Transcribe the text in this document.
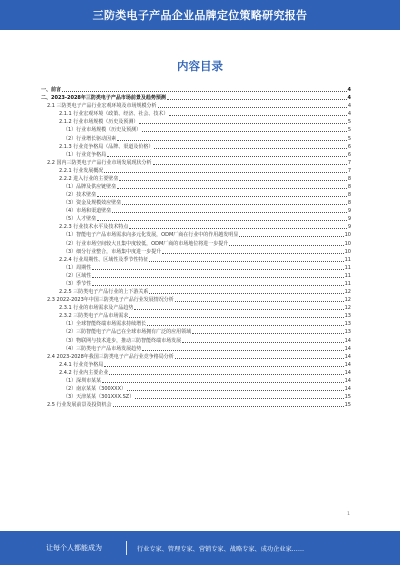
三防类电子产品企业品牌定位策略研究报告
内容目录
一、前言	4
二、2023-2028年三防类电子产品市场前景及趋势预测	4
2.1 三防类电子产品行业宏观环境及市场规模分析	4
2.1.1 行业宏观环境（政策、经济、社会、技术）	4
2.1.2 行业市场规模（历史及预测）	5
（1）行业市场规模（历史及预测）	5
（2）行业增长驱动因素	5
2.1.3 行业竞争格局（品牌、渠道及价格）	6
（1）行业竞争格局	6
2.2 国内三防类电子产品行业市场发展现状分析	7
2.2.1 行业发展概况	7
2.2.2 进入行业的主要壁垒	8
（1）品牌及供应链壁垒	8
（2）技术壁垒	8
（3）资金及规模效应壁垒	8
（4）市场和渠道壁垒	9
（5）人才壁垒	9
2.2.3 行业技术水平及技术特点	9
（1）智能电子产品市场需求向多元化发展，ODM厂商在行业中的作用越发明显	10
（2）行业市场空间较大且集中度较低，ODM厂商的市场地位将进一步提升	10
（3）细分行业整合，市场集中度进一步提升	10
2.2.4 行业周期性、区域性及季节性特征	11
（1）周期性	11
（2）区域性	11
（3）季节性	11
2.2.5 三防类电子产品行业的上下游关系	12
2.3 2022-2023年中国三防类电子产品行业发展情况分析	12
2.3.1 行业的市场需求及产品趋势	12
2.3.2 三防类电子产品市场需求	13
（1）全球智能终端市场需求持续增长	13
（2）三防智能电子产品已在全球市场拥有广泛的应用领域	13
（3）物联网与技术进步，推动三防智能终端市场发展	14
（4）三防类电子产品市场发展趋势	14
2.4 2023-2028年我国三防类电子产品行业竞争格局分析	14
2.4.1 行业竞争格局	14
2.4.2 行业内主要企业	14
（1）深圳市某某	14
（2）南京某某（300XXX）	14
（3）天津某某（301XXX.SZ）	15
2.5 行业发展前景及投资机会	15
1
让每个人都能成为	行业专家、管理专家、营销专家、战略专家、成功企业家……
